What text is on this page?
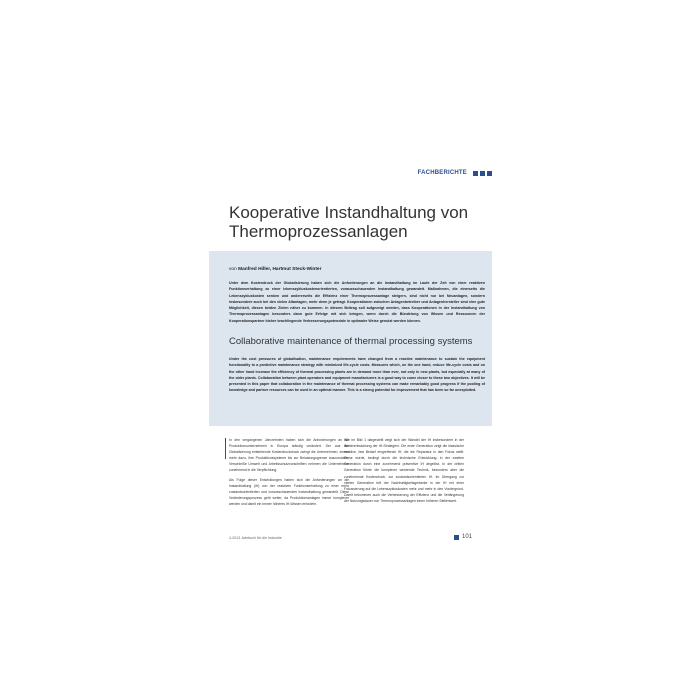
FACHBERICHTE
Kooperative Instandhaltung von
Thermoprozessanlagen
von Manfred Hiller, Hartmut Steck-Winter

Unter dem Kostendruck der Globalisierung haben sich die Anforderungen an die Instandhaltung im Laufe der Zeit von einer reaktiven Funktionserhaltung zu einer lebenszykluskostenorientierten, voraussschauenden Instandhaltung gewandelt. Maßnahmen, die einerseits die Lebenszykluskosten senken und andererseits die Effizienz einer Thermoprozessanlage steigern, sind nicht nur bei Neuanlagen, sondern insbesondere auch bei den vielen Altanlagen, mehr denn je gefragt. Kooperationen zwischen Anlagenbetreiber und Anlagenhersteller sind eine gute Möglichkeit, diesen beiden Zielen näher zu kommen. In diesem Beitrag soll aufgezeigt werden, dass Kooperationen in der Instandhaltung von Thermoprozessanlagen besonders dann gute Erfolge mit sich bringen, wenn durch die Bündelung von Wissen und Ressourcen der Kooperationspartner bisher brachliegende Verbesserungspotenziale in optimaler Weise genutzt werden können.

Collaborative maintenance of thermal processing systems

Under the cost pressures of globalisation, maintenance requirements have changed from a reactive maintenance to sustain the equipment functionality to a predictive maintenance strategy with minimized life-cycle costs. Measures which, on the one hand, reduce life-cycle costs and on the other hand increase the efficiency of thermal processing plants are in demand more than ever, not only in new plants, but especially at many of the older plants. Collaboration between plant operators and equipment manufacturers is a good way to come closer to these two objectives. It will be presented in this paper that collaboration in the maintenance of thermal processing systems can make remarkably good progress if the pooling of knowledge and partner resources can be used in an optimal manner. This is a strong potential for improvement that has been so far unexploited.

In den vergangenen Jahrzehnten haben sich die Anforderungen an die Produktionsunternehmen in Europa ständig verändert. Der aus der Globalisierung entstehende Kostendruckdruck zwingt die Unternehmen, immer mehr dazu, ihre Produktionssysteme bis zur Belastungsgrenze auszunutzen, Verschleiße Umwelt und Arbeitsschutzvorschriften nehmen die Unternehmen zunehmend in die Verpflichtung.

Als Folge dieser Entwicklungen haben sich die Anforderungen an die Instandhaltung (IH) von der reaktiven Funktionserhaltung zu einer mehr zustandsorientierten und vorausschauenden Instandhaltung gewandelt. Diese Veränderungsprozess geht weiter, da Produktionsanlagen immer komplexer werden und damit ein immer höheres IH-Wissen erfordern.

Wie im Bild 1 dargestellt zeigt sich der Wandel der IH insbesondere in der Weiterentwicklung der IH-Strategien. Die erste Generation zeigt die klassische reaktive, fast Bedarf eingreifende IH, die die Reparatur in den Fokus stellt. Diese wurde, bedingt durch die technische Entwicklung, in der zweiten Generation durch eine zunehmend präventive IH abgelöst. In der dritten Generation führte die komplexer werdende Technik, besonders aber die zunehmende Kostendruck, zur zustandsorientierten IH. Im Übergang zur vierten Generation tritt der Nachhaltigkeitsgedanke in der IH mit einer Fokussierung auf die Lebenszykluskosten mehr und mehr in den Vordergrund. Damit bekommen auch die Verbesserung der Effizienz und die Verlängerung der Nutzungsdauer von Thermoprozessanlagen einen höheren Stellenwert.

4-2013 Jahrbuch für die Industrie	101
